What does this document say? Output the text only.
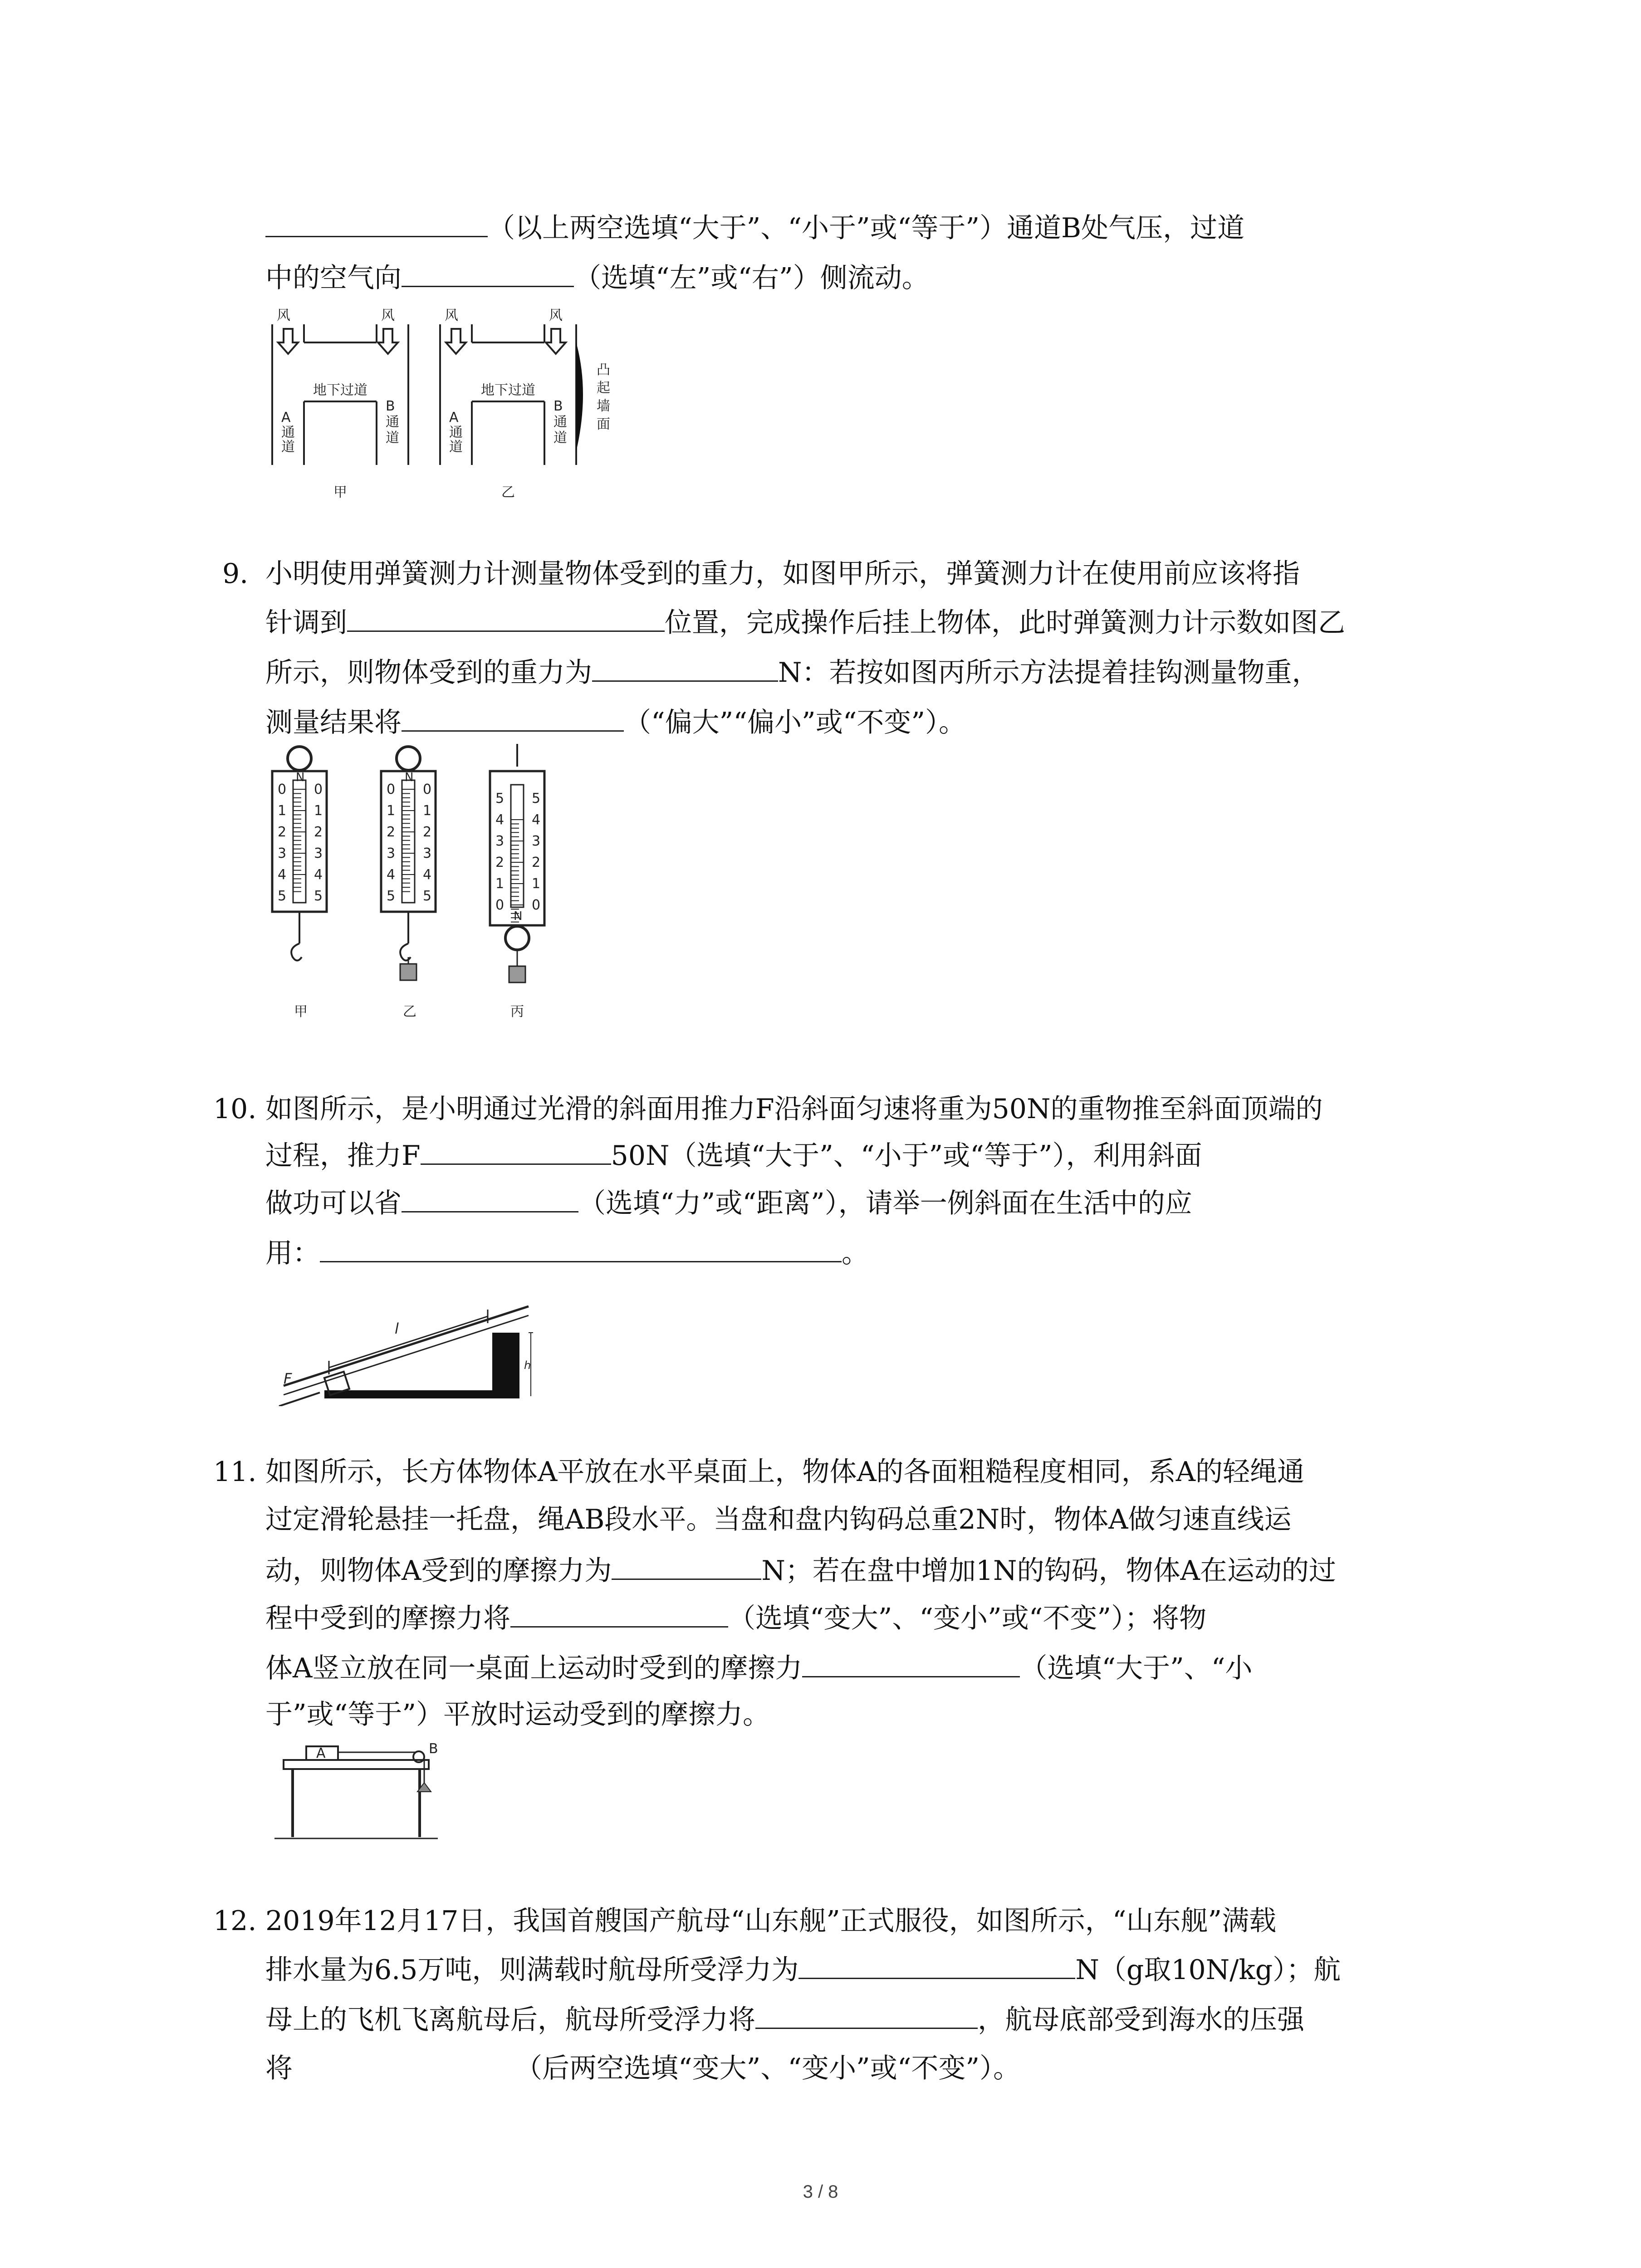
（以上两空选填“大于”、“小于”或“等于”）通道B处气压，过道
中的空气向	（选填“左”或“右”）侧流动。
风	风
地下过道
A
通
道
B
通
道
甲
风	风
地下过道
A
通
道
B
通
道
凸
起
墙
面
乙
9. 小明使用弹簧测力计测量物体受到的重力，如图甲所示，弹簧测力计在使用前应该将指
针调到	位置，完成操作后挂上物体，此时弹簧测力计示数如图乙
所示，则物体受到的重力为	N：若按如图丙所示方法提着挂钩测量物重，
测量结果将	（“偏大”“偏小”或“不变”）。
N	N
N
0 0
1 1
2 2
3 3
4 4
5 5
0 0
1 1
2 2
3 3
4 4
5 5
0 0
1 1
2 2
3 3
4 4
5 5
甲	乙	丙
10. 如图所示，是小明通过光滑的斜面用推力F沿斜面匀速将重为50N的重物推至斜面顶端的
过程，推力F	50N（选填“大于”、“小于”或“等于”），利用斜面
做功可以省	（选填“力”或“距离”），请举一例斜面在生活中的应
用：	。
F
l
h
11. 如图所示，长方体物体A平放在水平桌面上，物体A的各面粗糙程度相同，系A的轻绳通
过定滑轮悬挂一托盘，绳AB段水平。当盘和盘内钩码总重2N时，物体A做匀速直线运
动，则物体A受到的摩擦力为	N；若在盘中增加1N的钩码，物体A在运动的过
程中受到的摩擦力将	（选填“变大”、“变小”或“不变”）；将物
体A竖立放在同一桌面上运动时受到的摩擦力	（选填“大于”、“小
于”或“等于”）平放时运动受到的摩擦力。
A	B
12. 2019年12月17日，我国首艘国产航母“山东舰”正式服役，如图所示，“山东舰”满载
排水量为6.5万吨，则满载时航母所受浮力为	N（g取10N/kg）；航
母上的飞机飞离航母后，航母所受浮力将	，航母底部受到海水的压强
将	（后两空选填“变大”、“变小”或“不变”）。
3 / 8
